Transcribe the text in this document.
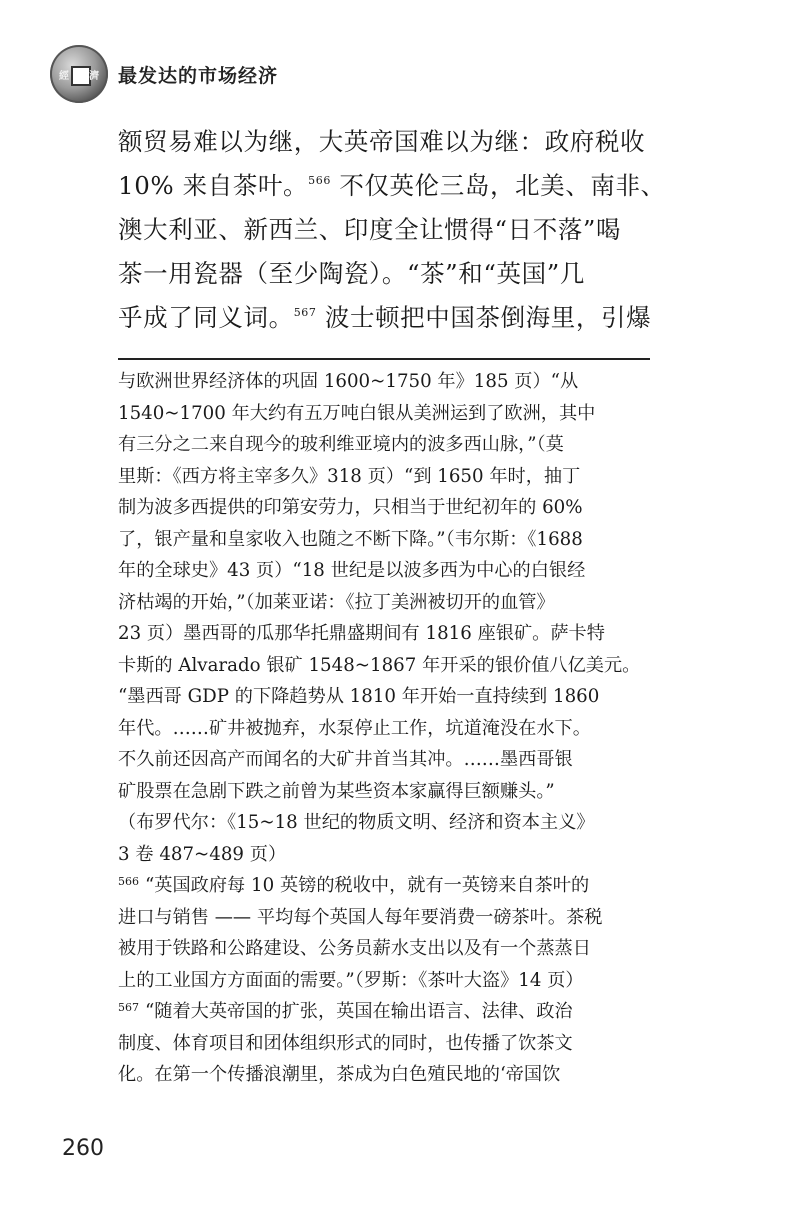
經 濟 最发达的市场经济

额贸易难以为继，大英帝国难以为继：政府税收

10% 来自茶叶。$^{566}$ 不仅英伦三岛，北美、南非、

澳大利亚、新西兰、印度全让惯得“日不落”喝

茶一用瓷器（至少陶瓷）。“茶”和“英国”几

乎成了同义词。$^{567}$ 波士顿把中国茶倒海里，引爆

与欧洲世界经济体的巩固 1600~1750 年》185 页）“从

1540~1700 年大约有五万吨白银从美洲运到了欧洲，其中

有三分之二来自现今的玻利维亚境内的波多西山脉，”（莫

里斯：《西方将主宰多久》318 页）“到 1650 年时，抽丁

制为波多西提供的印第安劳力，只相当于世纪初年的 60%

了，银产量和皇家收入也随之不断下降。”（韦尔斯：《1688

年的全球史》43 页）“18 世纪是以波多西为中心的白银经

济枯竭的开始，”（加莱亚诺：《拉丁美洲被切开的血管》

23 页）墨西哥的瓜那华托鼎盛期间有 1816 座银矿。萨卡特

卡斯的 Alvarado 银矿 1548~1867 年开采的银价值八亿美元。

“墨西哥 GDP 的下降趋势从 1810 年开始一直持续到 1860

年代。……矿井被抛弃，水泵停止工作，坑道淹没在水下。

不久前还因高产而闻名的大矿井首当其冲。……墨西哥银

矿股票在急剧下跌之前曾为某些资本家赢得巨额赚头。”

（布罗代尔：《15~18 世纪的物质文明、经济和资本主义》

3 卷 487~489 页）

$^{566}$ “英国政府每 10 英镑的税收中，就有一英镑来自茶叶的

进口与销售 —— 平均每个英国人每年要消费一磅茶叶。茶税

被用于铁路和公路建设、公务员薪水支出以及有一个蒸蒸日

上的工业国方方面面的需要。”（罗斯：《茶叶大盗》14 页）

$^{567}$ “随着大英帝国的扩张，英国在输出语言、法律、政治

制度、体育项目和团体组织形式的同时，也传播了饮茶文

化。在第一个传播浪潮里，茶成为白色殖民地的‘帝国饮

260
